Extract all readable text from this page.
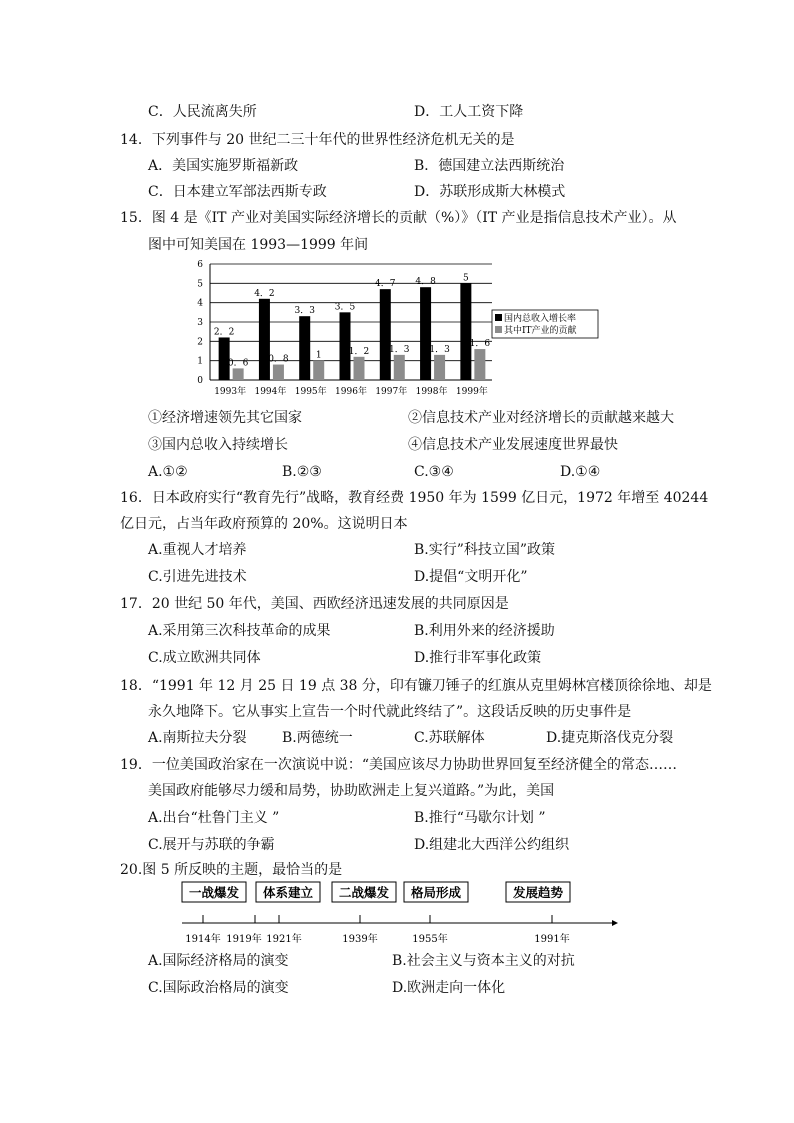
C．人民流离失所	D．工人工资下降
14．下列事件与 20 世纪二三十年代的世界性经济危机无关的是
A．美国实施罗斯福新政	B．德国建立法西斯统治
C．日本建立军部法西斯专政	D．苏联形成斯大林模式
15．图 4 是《IT 产业对美国实际经济增长的贡献（%）》（IT 产业是指信息技术产业）。从
图中可知美国在 1993—1999 年间
0
1
2
3
4
5
6
2．2
0．6
1993年
4．2
0．8
1994年
3．3
1
1995年
3．5
1．2
1996年
4．7
1．3
1997年
4．8
1．3
1998年
5
1．6
1999年
国内总收入增长率
其中IT产业的贡献
①经济增速领先其它国家	②信息技术产业对经济增长的贡献越来越大
③国内总收入持续增长	④信息技术产业发展速度世界最快
A.①②	B.②③	C.③④	D.①④
16．日本政府实行“教育先行”战略，教育经费 1950 年为 1599 亿日元，1972 年增至 40244
亿日元，占当年政府预算的 20%。这说明日本
A.重视人才培养	B.实行”科技立国”政策
C.引进先进技术	D.提倡“文明开化”
17．20 世纪 50 年代，美国、西欧经济迅速发展的共同原因是
A.采用第三次科技革命的成果	B.利用外来的经济援助
C.成立欧洲共同体	D.推行非军事化政策
18．“1991 年 12 月 25 日 19 点 38 分，印有镰刀锤子的红旗从克里姆林宫楼顶徐徐地、却是
永久地降下。它从事实上宣告一个时代就此终结了”。这段话反映的历史事件是
A.南斯拉夫分裂	B.两德统一	C.苏联解体	D.捷克斯洛伐克分裂
19．一位美国政治家在一次演说中说：“美国应该尽力协助世界回复至经济健全的常态……
美国政府能够尽力缓和局势，协助欧洲走上复兴道路。”为此，美国
A.出台“杜鲁门主义 ”	B.推行“马歇尔计划 ”
C.展开与苏联的争霸	D.组建北大西洋公约组织
20.图 5 所反映的主题，最恰当的是
一战爆发 体系建立 二战爆发 格局形成	发展趋势
1914年 1919年 1921年	1939年	1955年	1991年
A.国际经济格局的演变	B.社会主义与资本主义的对抗
C.国际政治格局的演变	D.欧洲走向一体化
